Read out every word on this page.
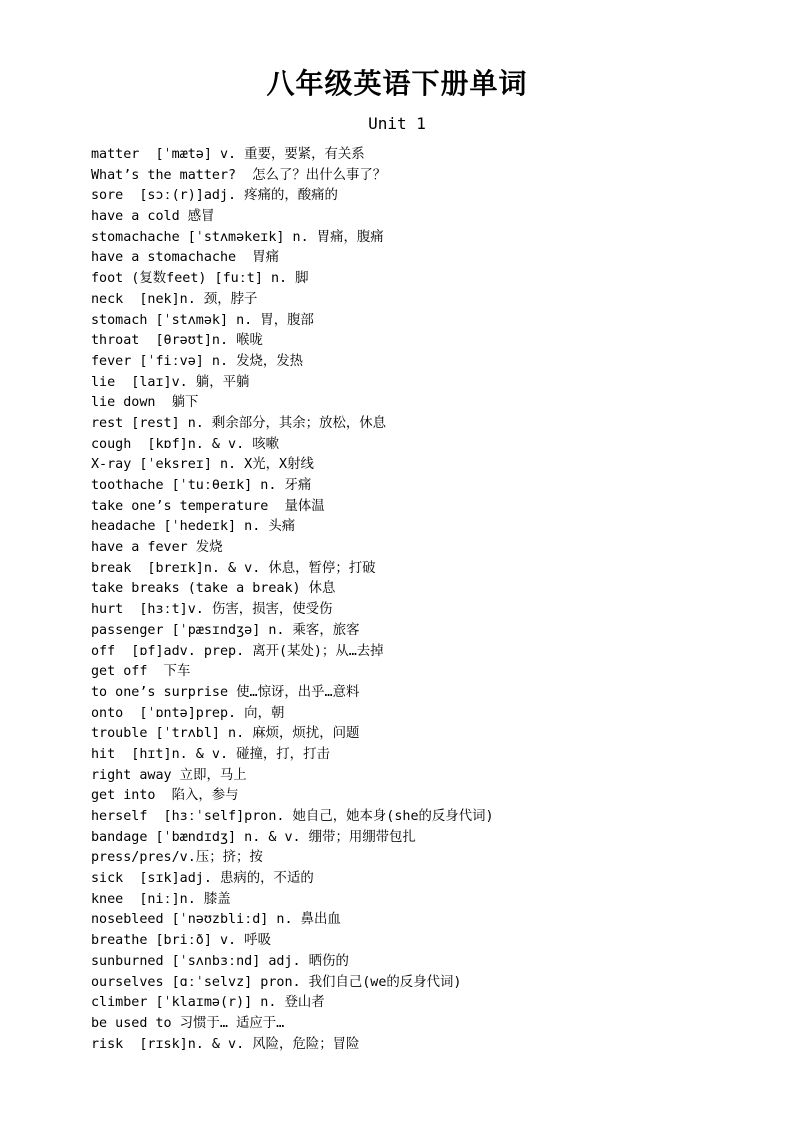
八年级英语下册单词
Unit 1
matter  [ˈmætə] v. 重要，要紧，有关系
What’s the matter?  怎么了？出什么事了？
sore  [sɔː(r)]adj. 疼痛的，酸痛的
have a cold 感冒
stomachache [ˈstʌməkeɪk] n. 胃痛，腹痛
have a stomachache  胃痛
foot (复数feet) [fuːt] n. 脚
neck  [nek]n. 颈，脖子
stomach [ˈstʌmək] n. 胃，腹部
throat  [θrəʊt]n. 喉咙
fever [ˈfiːvə] n. 发烧，发热
lie  [laɪ]v. 躺，平躺
lie down  躺下
rest [rest] n. 剩余部分，其余；放松，休息
cough  [kɒf]n. & v. 咳嗽
X-ray [ˈeksreɪ] n. X光，X射线
toothache [ˈtuːθeɪk] n. 牙痛
take one’s temperature  量体温
headache [ˈhedeɪk] n. 头痛
have a fever 发烧
break  [breɪk]n. & v. 休息，暂停；打破
take breaks (take a break) 休息
hurt  [hɜːt]v. 伤害，损害，使受伤
passenger [ˈpæsɪndʒə] n. 乘客，旅客
off  [ɒf]adv. prep. 离开(某处)；从…去掉
get off  下车
to one’s surprise 使…惊讶，出乎…意料
onto  [ˈɒntə]prep. 向，朝
trouble [ˈtrʌbl] n. 麻烦，烦扰，问题
hit  [hɪt]n. & v. 碰撞，打，打击
right away 立即，马上
get into  陷入，参与
herself  [hɜːˈself]pron. 她自己，她本身(she的反身代词)
bandage [ˈbændɪdʒ] n. & v. 绷带；用绷带包扎
press/pres/v.压；挤；按
sick  [sɪk]adj. 患病的，不适的
knee  [niː]n. 膝盖
nosebleed [ˈnəʊzbliːd] n. 鼻出血
breathe [briːð] v. 呼吸
sunburned [ˈsʌnbɜːnd] adj. 晒伤的
ourselves [ɑːˈselvz] pron. 我们自己(we的反身代词)
climber [ˈklaɪmə(r)] n. 登山者
be used to 习惯于… 适应于…
risk  [rɪsk]n. & v. 风险，危险；冒险
